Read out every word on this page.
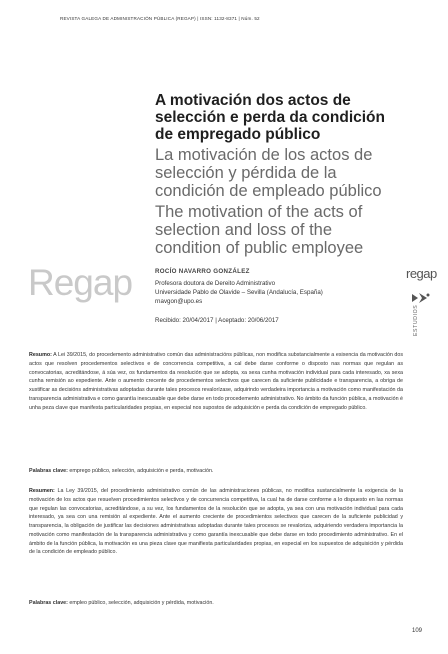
REVISTA GALEGA DE ADMINISTRACIÓN PÚBLICA (REGAP) | ISSN: 1132-8371 | Núm. 52
A motivación dos actos de selección e perda da condición de empregado público
La motivación de los actos de selección y pérdida de la condición de empleado público
The motivation of the acts of selection and loss of the condition of public employee
Regap	ROCÍO NAVARRO GONZÁLEZ
Profesora doutora de Dereito Administrativo
Universidade Pablo de Olavide – Sevilla (Andalucía, España)
rnavgon@upo.es
Recibido: 20/04/2017 | Aceptado: 20/06/2017
regap
ESTUDIOS
Resumo: A Lei 39/2015, do procedemento administrativo común das administracións públicas, non modifica substancialmente a esixencia da motivación dos actos que resolven procedementos selectivos e de concorrencia competitiva, a cal debe darse conforme o disposto nas normas que regulan as convocatorias, acreditándose, á súa vez, os fundamentos da resolución que se adopta, xa sexa cunha motivación individual para cada interesado, xa sexa cunha remisión ao expediente. Ante o aumento crecente de procedementos selectivos que carecen da suficiente publicidade e transparencia, a obriga de xustificar as decisións administrativas adoptadas durante tales procesos revalorízase, adquirindo verdadeira importancia a motivación como manifestación da transparencia administrativa e como garantía inescusable que debe darse en todo procedemento administrativo. No ámbito da función pública, a motivación é unha peza clave que manifesta particularidades propias, en especial nos supostos de adquisición e perda da condición de empregado público.
Palabras clave: emprego público, selección, adquisición e perda, motivación.
Resumen: La Ley 39/2015, del procedimiento administrativo común de las administraciones públicas, no modifica sustancialmente la exigencia de la motivación de los actos que resuelven procedimientos selectivos y de concurrencia competitiva, la cual ha de darse conforme a lo dispuesto en las normas que regulan las convocatorias, acreditándose, a su vez, los fundamentos de la resolución que se adopta, ya sea con una motivación individual para cada interesado, ya sea con una remisión al expediente. Ante el aumento creciente de procedimientos selectivos que carecen de la suficiente publicidad y transparencia, la obligación de justificar las decisiones administrativas adoptadas durante tales procesos se revaloriza, adquiriendo verdadera importancia la motivación como manifestación de la transparencia administrativa y como garantía inexcusable que debe darse en todo procedimiento administrativo. En el ámbito de la función pública, la motivación es una pieza clave que manifiesta particularidades propias, en especial en los supuestos de adquisición y pérdida de la condición de empleado público.
Palabras clave: empleo público, selección, adquisición y pérdida, motivación.
109
